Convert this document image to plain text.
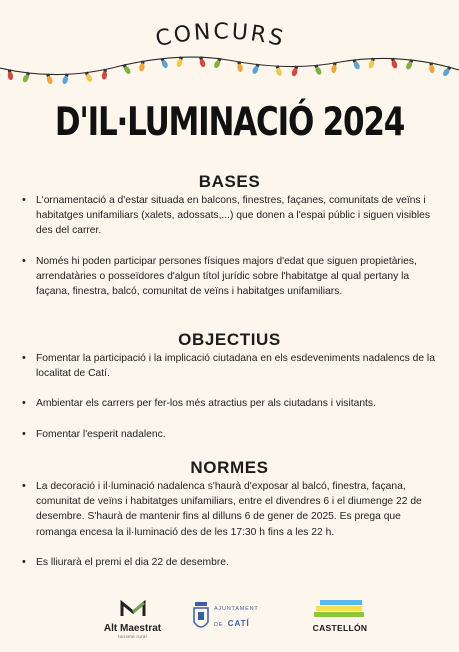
CONCURS
D'IL·LUMINACIÓ 2024
BASES
• L'ornamentació a d'estar situada en balcons, finestres, façanes, comunitats de veïns i habitatges unifamiliars (xalets, adossats,...) que donen a l'espai públic i siguen visibles des del carrer.
• Només hi poden participar persones físiques majors d'edat que siguen propietàries, arrendatàries o posseïdores d'algun títol jurídic sobre l'habitatge al qual pertany la façana, finestra, balcó, comunitat de veïns i habitatges unifamiliars.
OBJECTIUS
• Fomentar la participació i la implicació ciutadana en els esdeveniments nadalencs de la localitat de Catí.
• Ambientar els carrers per fer-los més atractius per als ciutadans i visitants.
• Fomentar l'esperit nadalenc.
NORMES
• La decoració i il·luminació nadalenca s'haurà d'exposar al balcó, finestra, façana, comunitat de veïns i habitatges unifamiliars, entre el divendres 6 i el diumenge 22 de desembre. S'haurà de mantenir fins al dilluns 6 de gener de 2025. Es prega que romanga encesa la il·luminació des de les 17:30 h fins a les 22 h.
• Es lliurarà el premi el dia 22 de desembre.
Alt Maestrat
turisme rural
AJUNTAMENT
DE CATÍ	CASTELLÓN
